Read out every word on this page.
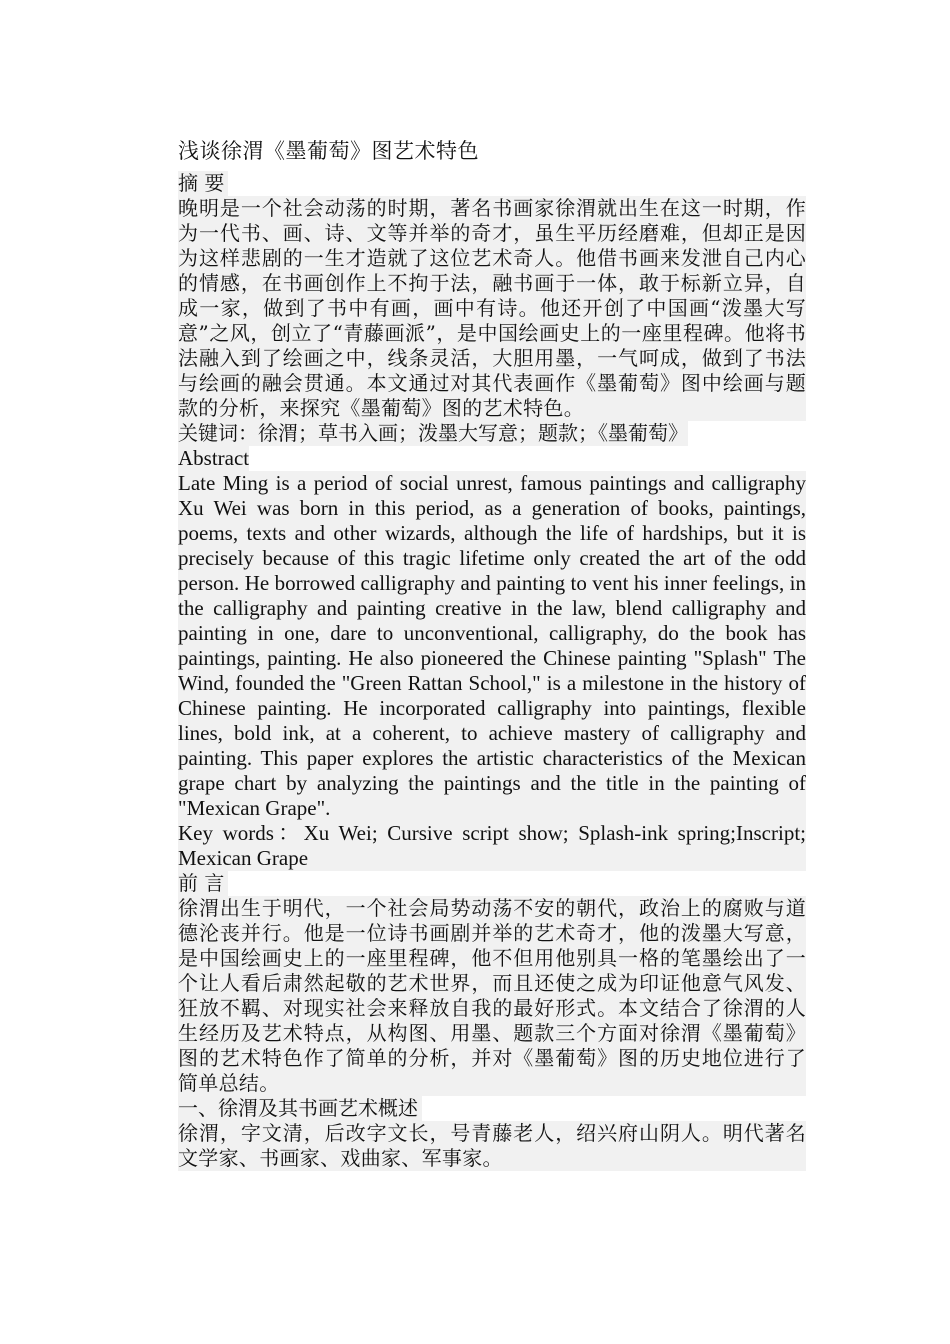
浅谈徐渭《墨葡萄》图艺术特色
摘 要

晚明是一个社会动荡的时期，著名书画家徐渭就出生在这一时期，作为一代书、画、诗、文等并举的奇才，虽生平历经磨难，但却正是因为这样悲剧的一生才造就了这位艺术奇人。他借书画来发泄自己内心的情感，在书画创作上不拘于法，融书画于一体，敢于标新立异，自成一家，做到了书中有画，画中有诗。他还开创了中国画“泼墨大写意”之风，创立了“青藤画派”，是中国绘画史上的一座里程碑。他将书法融入到了绘画之中，线条灵活，大胆用墨，一气呵成，做到了书法与绘画的融会贯通。本文通过对其代表画作《墨葡萄》图中绘画与题款的分析，来探究《墨葡萄》图的艺术特色。

关键词：徐渭；草书入画；泼墨大写意；题款；《墨葡萄》
Abstract

Late Ming is a period of social unrest, famous paintings and calligraphy Xu Wei was born in this period, as a generation of books, paintings, poems, texts and other wizards, although the life of hardships, but it is precisely because of this tragic lifetime only created the art of the odd person. He borrowed calligraphy and painting to vent his inner feelings, in the calligraphy and painting creative in the law, blend calligraphy and painting in one, dare to unconventional, calligraphy, do the book has paintings, painting. He also pioneered the Chinese painting "Splash" The Wind, founded the "Green Rattan School," is a milestone in the history of Chinese painting. He incorporated calligraphy into paintings, flexible lines, bold ink, at a coherent, to achieve mastery of calligraphy and painting. This paper explores the artistic characteristics of the Mexican grape chart by analyzing the paintings and the title in the painting of "Mexican Grape".

Key words：Xu Wei; Cursive script show; Splash-ink spring;Inscript; Mexican Grape

前 言

徐渭出生于明代，一个社会局势动荡不安的朝代，政治上的腐败与道德沦丧并行。他是一位诗书画剧并举的艺术奇才，他的泼墨大写意，是中国绘画史上的一座里程碑，他不但用他别具一格的笔墨绘出了一个让人看后肃然起敬的艺术世界，而且还使之成为印证他意气风发、狂放不羁、对现实社会来释放自我的最好形式。本文结合了徐渭的人生经历及艺术特点，从构图、用墨、题款三个方面对徐渭《墨葡萄》图的艺术特色作了简单的分析，并对《墨葡萄》图的历史地位进行了简单总结。

一、徐渭及其书画艺术概述

徐渭，字文清，后改字文长，号青藤老人，绍兴府山阴人。明代著名文学家、书画家、戏曲家、军事家。
